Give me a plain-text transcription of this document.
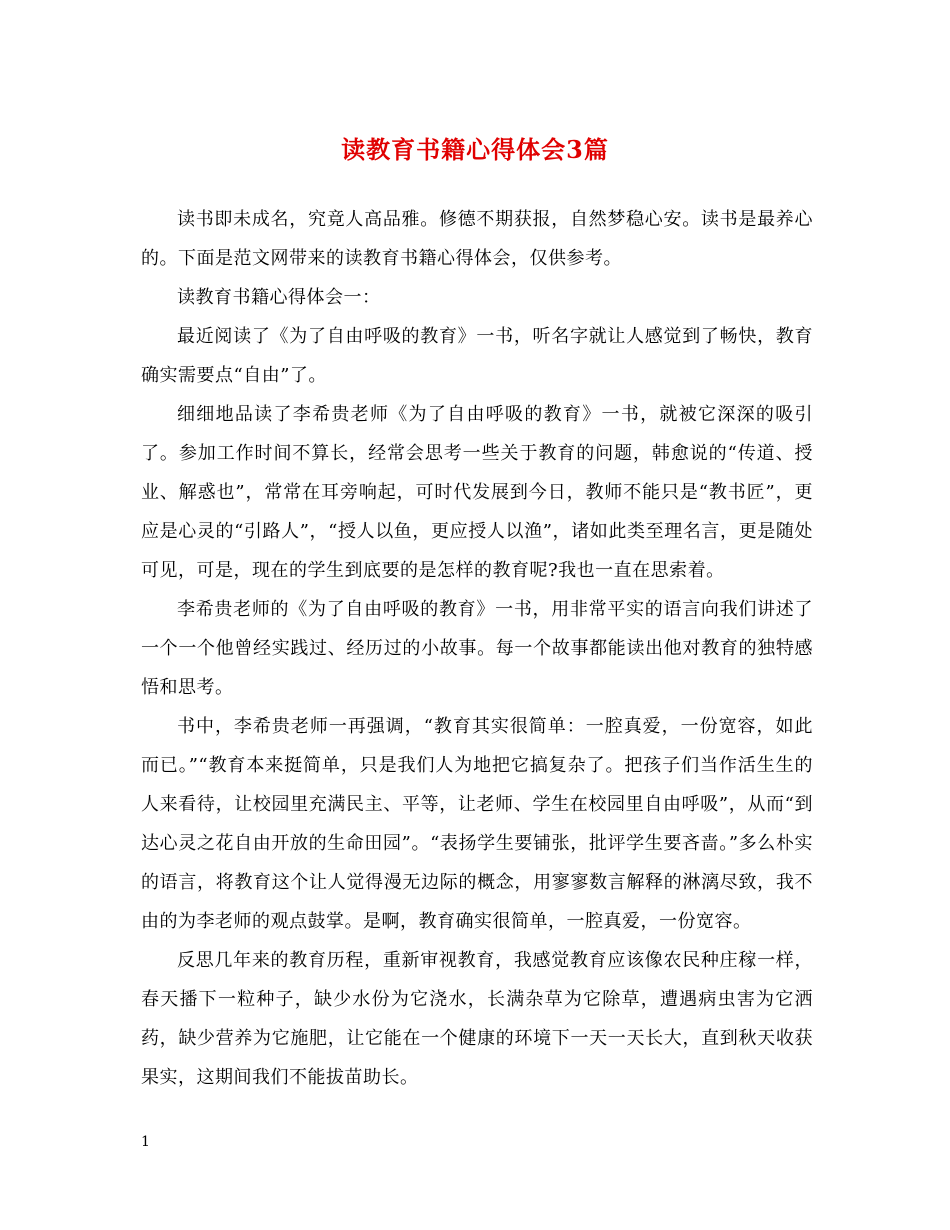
读教育书籍心得体会3篇

读书即未成名，究竟人高品雅。修德不期获报，自然梦稳心安。读书是最养心的。下面是范文网带来的读教育书籍心得体会，仅供参考。

读教育书籍心得体会一：

最近阅读了《为了自由呼吸的教育》一书，听名字就让人感觉到了畅快，教育确实需要点“自由”了。

细细地品读了李希贵老师《为了自由呼吸的教育》一书，就被它深深的吸引了。参加工作时间不算长，经常会思考一些关于教育的问题，韩愈说的“传道、授业、解惑也”，常常在耳旁响起，可时代发展到今日，教师不能只是“教书匠”，更应是心灵的“引路人”，“授人以鱼，更应授人以渔”，诸如此类至理名言，更是随处可见，可是，现在的学生到底要的是怎样的教育呢?我也一直在思索着。

李希贵老师的《为了自由呼吸的教育》一书，用非常平实的语言向我们讲述了一个一个他曾经实践过、经历过的小故事。每一个故事都能读出他对教育的独特感悟和思考。

书中，李希贵老师一再强调，“教育其实很简单：一腔真爱，一份宽容，如此而已。”“教育本来挺简单，只是我们人为地把它搞复杂了。把孩子们当作活生生的人来看待，让校园里充满民主、平等，让老师、学生在校园里自由呼吸”，从而“到达心灵之花自由开放的生命田园”。“表扬学生要铺张，批评学生要吝啬。”多么朴实的语言，将教育这个让人觉得漫无边际的概念，用寥寥数言解释的淋漓尽致，我不由的为李老师的观点鼓掌。是啊，教育确实很简单，一腔真爱，一份宽容。

反思几年来的教育历程，重新审视教育，我感觉教育应该像农民种庄稼一样，春天播下一粒种子，缺少水份为它浇水，长满杂草为它除草，遭遇病虫害为它洒药，缺少营养为它施肥，让它能在一个健康的环境下一天一天长大，直到秋天收获果实，这期间我们不能拔苗助长。

1
